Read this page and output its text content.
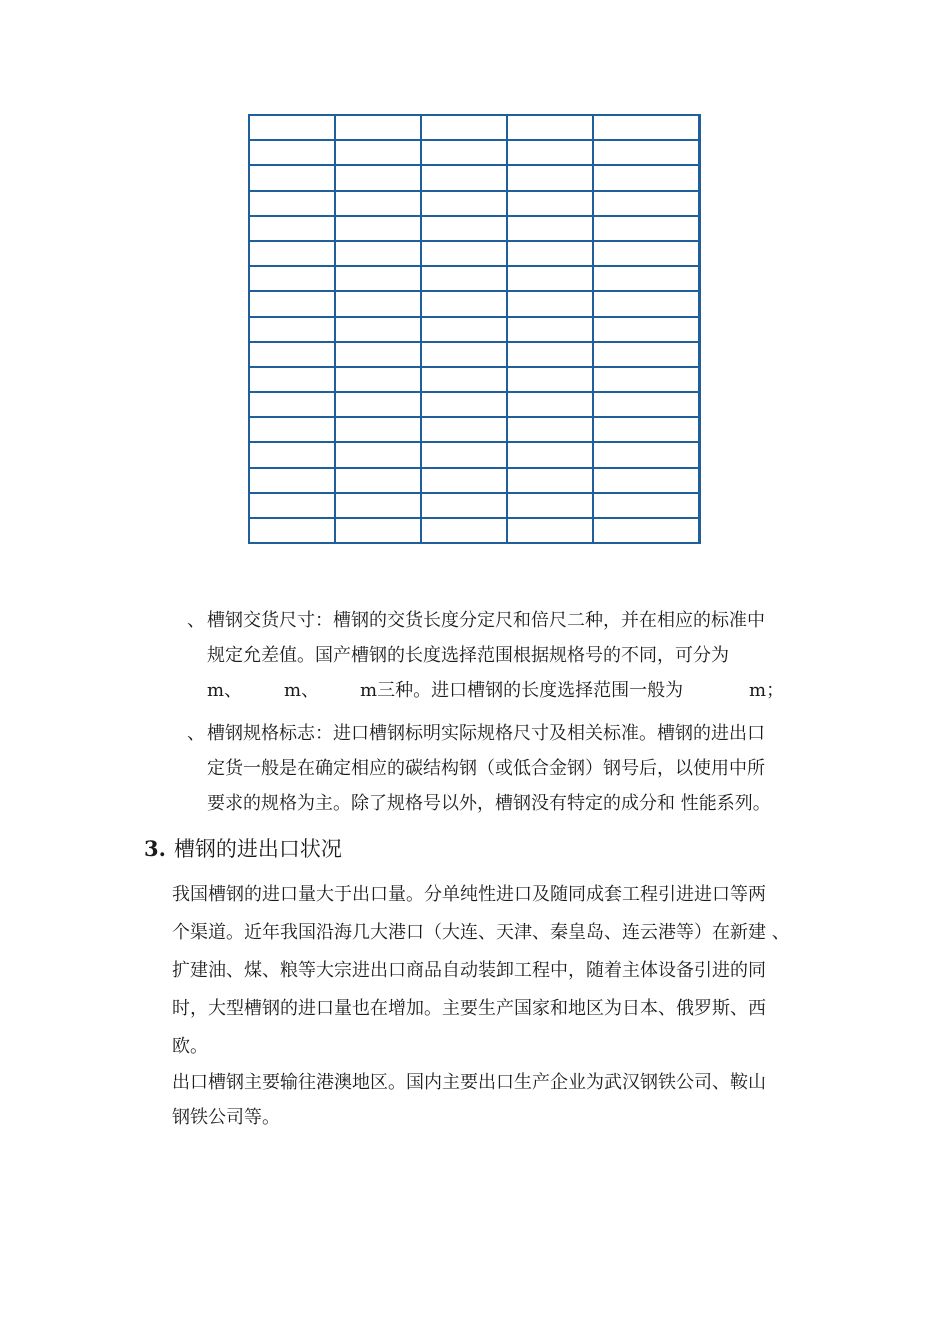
、 槽钢交货尺寸：槽钢的交货长度分定尺和倍尺二种，并在相应的标准中
规定允差值。国产槽钢的长度选择范围根据规格号的不同，可分为
m、 m、 m三种。进口槽钢的长度选择范围一般为	m；
、 槽钢规格标志：进口槽钢标明实际规格尺寸及相关标准。槽钢的进出口
定货一般是在确定相应的碳结构钢（或低合金钢）钢号后，以使用中所
要求的规格为主。除了规格号以外，槽钢没有特定的成分和 性能系列。
3. 槽钢的进出口状况
我国槽钢的进口量大于出口量。分单纯性进口及随同成套工程引进进口等两
个渠道。近年我国沿海几大港口（大连、天津、秦皇岛、连云港等）在新建 、
扩建油、煤、粮等大宗进出口商品自动装卸工程中，随着主体设备引进的同
时，大型槽钢的进口量也在增加。主要生产国家和地区为日本、俄罗斯、西
欧。
出口槽钢主要输往港澳地区。国内主要出口生产企业为武汉钢铁公司、鞍山
钢铁公司等。
